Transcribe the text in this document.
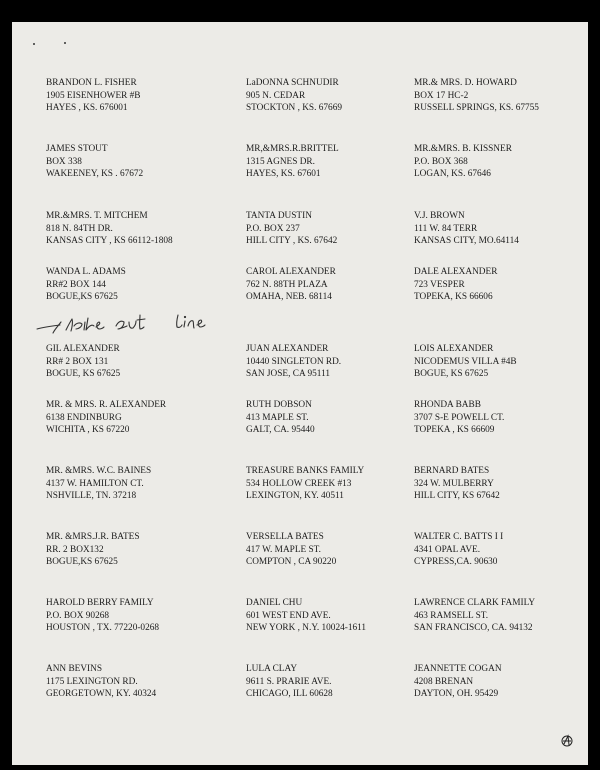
BRANDON L. FISHER
1905 EISENHOWER #B
HAYES , KS. 676001
LaDONNA SCHNUDIR
905 N. CEDAR
STOCKTON , KS. 67669
MR.& MRS. D. HOWARD
BOX 17 HC-2
RUSSELL SPRINGS, KS. 67755
JAMES STOUT
BOX 338
WAKEENEY, KS . 67672
MR,&MRS.R.BRITTEL
1315 AGNES DR.
HAYES, KS. 67601
MR.&MRS. B. KISSNER
P.O. BOX 368
LOGAN, KS. 67646
MR.&MRS. T. MITCHEM
818 N. 84TH DR.
KANSAS CITY , KS 66112-1808
TANTA DUSTIN
P.O. BOX 237
HILL CITY , KS. 67642
V.J. BROWN
111 W. 84 TERR
KANSAS CITY, MO.64114
WANDA L. ADAMS
RR#2 BOX 144
BOGUE,KS 67625
CAROL ALEXANDER
762 N. 88TH PLAZA
OMAHA, NEB. 68114
DALE ALEXANDER
723 VESPER
TOPEKA, KS 66606
GIL ALEXANDER
RR# 2 BOX 131
BOGUE, KS 67625
JUAN ALEXANDER
10440 SINGLETON RD.
SAN JOSE, CA 95111
LOIS ALEXANDER
NICODEMUS VILLA #4B
BOGUE, KS 67625
MR. & MRS. R. ALEXANDER
6138 ENDINBURG
WICHITA , KS 67220
RUTH DOBSON
413 MAPLE ST.
GALT, CA. 95440
RHONDA BABB
3707 S-E POWELL CT.
TOPEKA , KS 66609
MR. &MRS. W.C. BAINES
4137 W. HAMILTON CT.
NSHVILLE, TN. 37218
TREASURE BANKS FAMILY
534 HOLLOW CREEK #13
LEXINGTON, KY. 40511
BERNARD BATES
324 W. MULBERRY
HILL CITY, KS 67642
MR. &MRS.J.R. BATES
RR. 2 BOX132
BOGUE,KS 67625
VERSELLA BATES
417 W. MAPLE ST.
COMPTON , CA 90220
WALTER C. BATTS I I
4341 OPAL AVE.
CYPRESS,CA. 90630
HAROLD BERRY FAMILY
P.O. BOX 90268
HOUSTON , TX. 77220-0268
DANIEL CHU
601 WEST END AVE.
NEW YORK , N.Y. 10024-1611
LAWRENCE CLARK FAMILY
463 RAMSELL ST.
SAN FRANCISCO, CA. 94132
ANN BEVINS
1175 LEXINGTON RD.
GEORGETOWN, KY. 40324
LULA CLAY
9611 S. PRARIE AVE.
CHICAGO, ILL 60628
JEANNETTE COGAN
4208 BRENAN
DAYTON, OH. 95429
